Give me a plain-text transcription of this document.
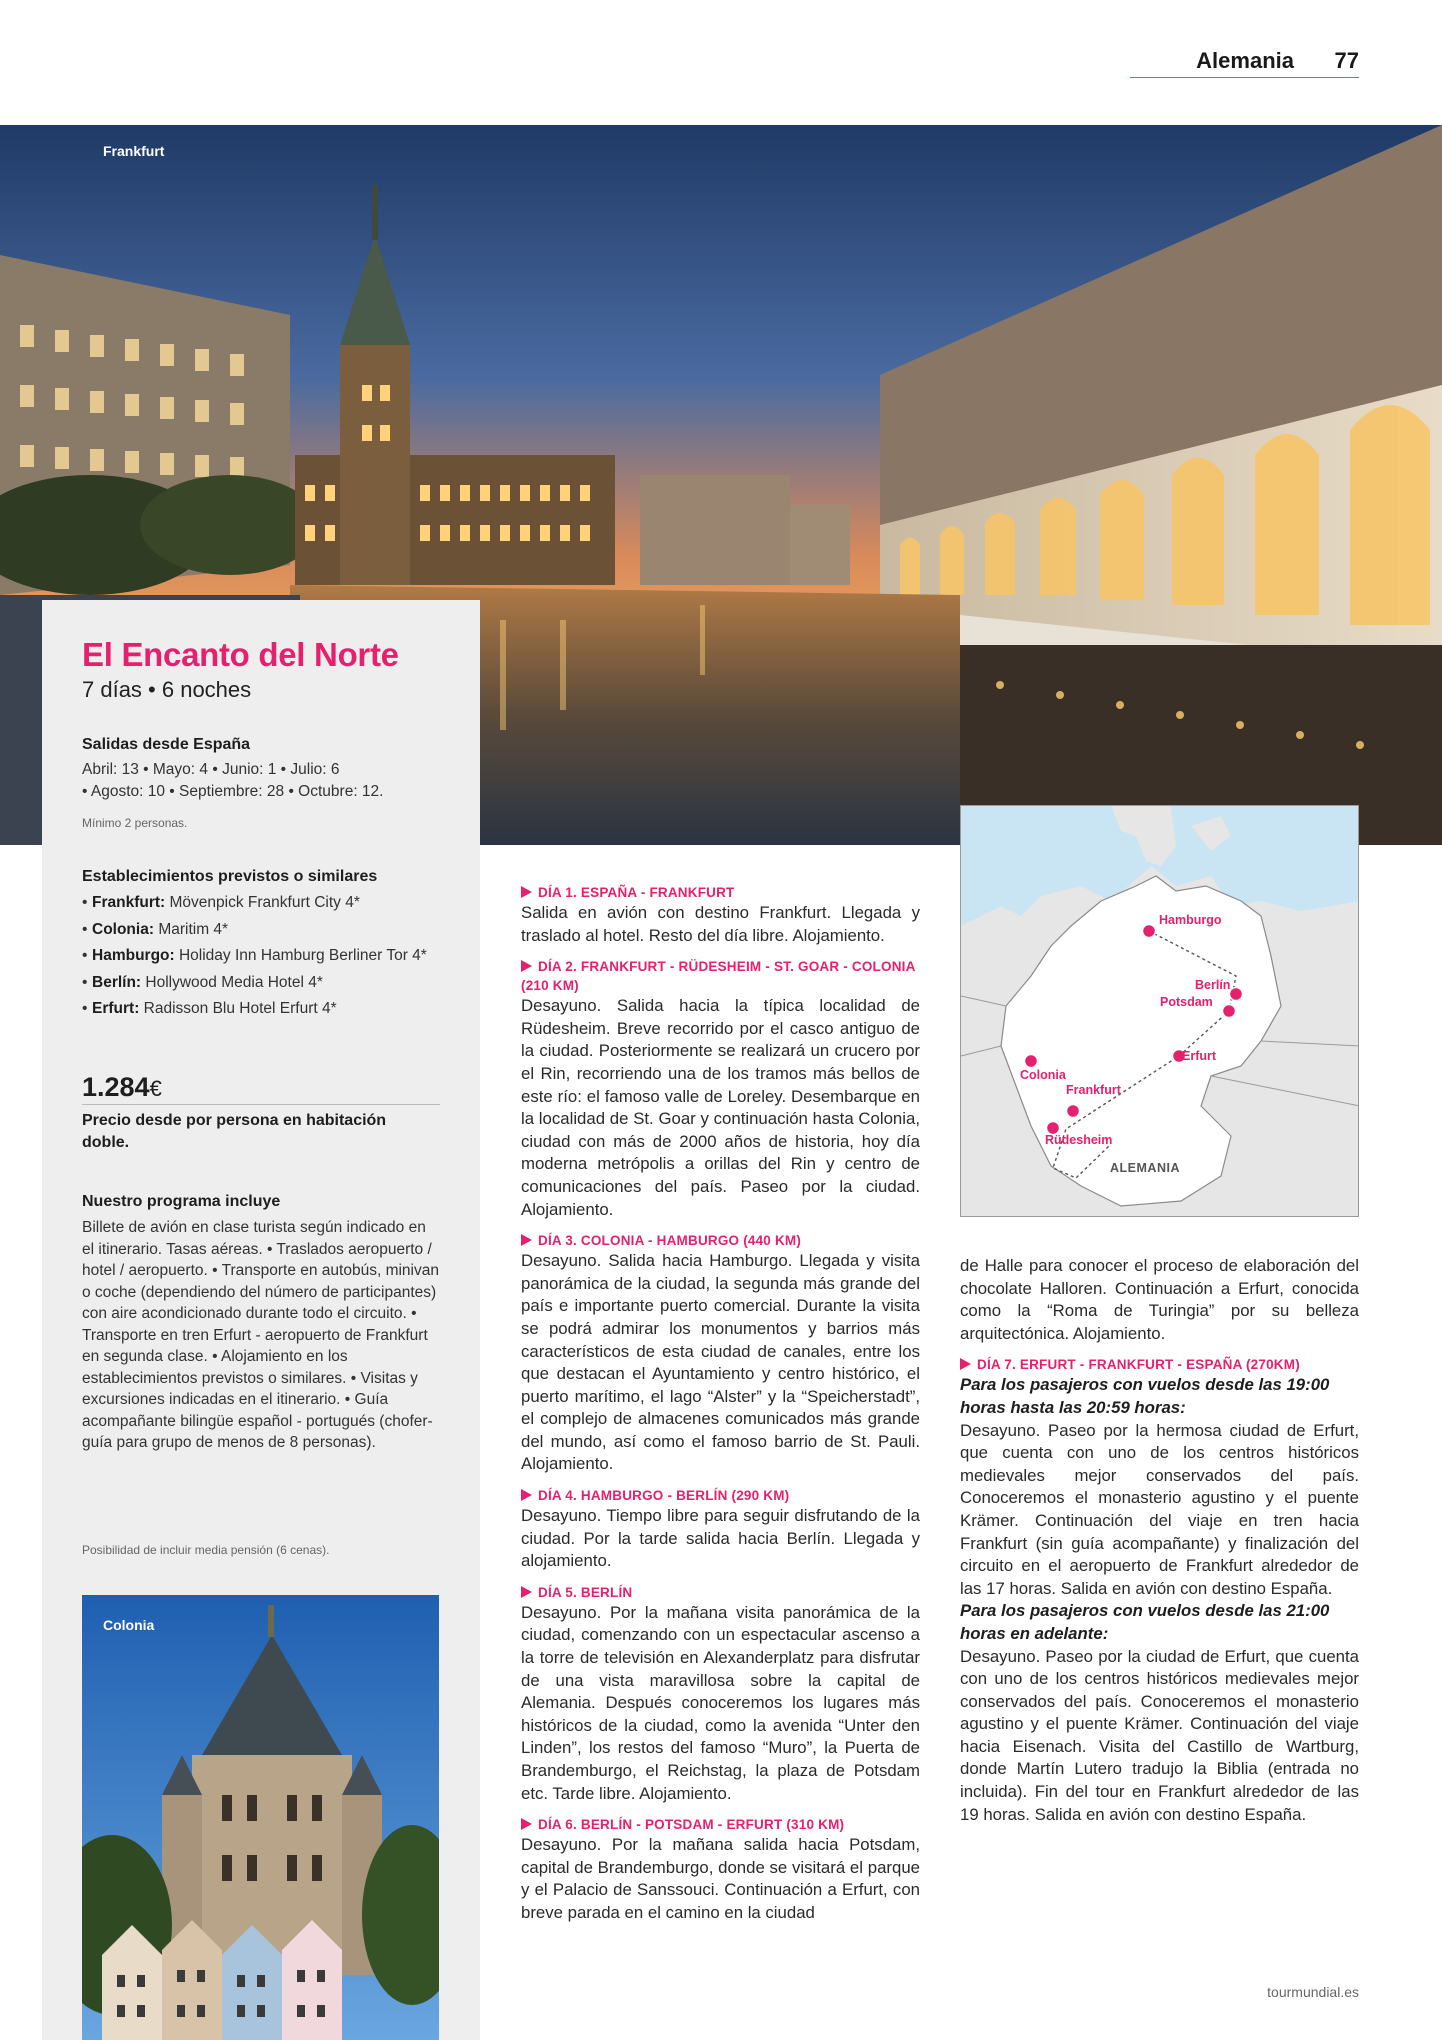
Alemania 77
Frankfurt
El Encanto del Norte
7 días • 6 noches
Salidas desde España
Abril: 13 • Mayo: 4 • Junio: 1 • Julio: 6
• Agosto: 10 • Septiembre: 28 • Octubre: 12.
Mínimo 2 personas.
Establecimientos previstos o similares
• Frankfurt: Mövenpick Frankfurt City 4*
• Colonia: Maritim 4*
• Hamburgo: Holiday Inn Hamburg Berliner Tor 4*
• Berlín: Hollywood Media Hotel 4*
• Erfurt: Radisson Blu Hotel Erfurt 4*
1.284€
Precio desde por persona en habitación doble.
Nuestro programa incluye
Billete de avión en clase turista según indicado en el itinerario. Tasas aéreas. • Traslados aeropuerto / hotel / aeropuerto. • Transporte en autobús, minivan o coche (dependiendo del número de participantes) con aire acondicionado durante todo el circuito. • Transporte en tren Erfurt - aeropuerto de Frankfurt en segunda clase. • Alojamiento en los establecimientos previstos o similares. • Visitas y excursiones indicadas en el itinerario. • Guía acompañante bilingüe español - portugués (chofer-guía para grupo de menos de 8 personas).
Posibilidad de incluir media pensión (6 cenas).
Colonia
Hamburgo
Berlín
Potsdam
Erfurt
Colonia
Frankfurt
Rüdesheim
ALEMANIA
DÍA 1. ESPAÑA - FRANKFURT
Salida en avión con destino Frankfurt. Llegada y traslado al hotel. Resto del día libre. Alojamiento.
DÍA 2. FRANKFURT - RÜDESHEIM - ST. GOAR - COLONIA (210 KM)
Desayuno. Salida hacia la típica localidad de Rüdesheim. Breve recorrido por el casco antiguo de la ciudad. Posteriormente se realizará un crucero por el Rin, recorriendo una de los tramos más bellos de este río: el famoso valle de Loreley. Desembarque en la localidad de St. Goar y continuación hasta Colonia, ciudad con más de 2000 años de historia, hoy día moderna metrópolis a orillas del Rin y centro de comunicaciones del país. Paseo por la ciudad. Alojamiento.
DÍA 3. COLONIA - HAMBURGO (440 KM)
Desayuno. Salida hacia Hamburgo. Llegada y visita panorámica de la ciudad, la segunda más grande del país e importante puerto comercial. Durante la visita se podrá admirar los monumentos y barrios más característicos de esta ciudad de canales, entre los que destacan el Ayuntamiento y centro histórico, el puerto marítimo, el lago “Alster” y la “Speicherstadt”, el complejo de almacenes comunicados más grande del mundo, así como el famoso barrio de St. Pauli. Alojamiento.
DÍA 4. HAMBURGO - BERLÍN (290 KM)
Desayuno. Tiempo libre para seguir disfrutando de la ciudad. Por la tarde salida hacia Berlín. Llegada y alojamiento.
DÍA 5. BERLÍN
Desayuno. Por la mañana visita panorámica de la ciudad, comenzando con un espectacular ascenso a la torre de televisión en Alexanderplatz para disfrutar de una vista maravillosa sobre la capital de Alemania. Después conoceremos los lugares más históricos de la ciudad, como la avenida “Unter den Linden”, los restos del famoso “Muro”, la Puerta de Brandemburgo, el Reichstag, la plaza de Potsdam etc. Tarde libre. Alojamiento.
DÍA 6. BERLÍN - POTSDAM - ERFURT (310 KM)
Desayuno. Por la mañana salida hacia Potsdam, capital de Brandemburgo, donde se visitará el parque y el Palacio de Sanssouci. Continuación a Erfurt, con breve parada en el camino en la ciudad
de Halle para conocer el proceso de elaboración del chocolate Halloren. Continuación a Erfurt, conocida como la “Roma de Turingia” por su belleza arquitectónica. Alojamiento.
DÍA 7. ERFURT - FRANKFURT - ESPAÑA (270KM)
Para los pasajeros con vuelos desde las 19:00 horas hasta las 20:59 horas:
Desayuno. Paseo por la hermosa ciudad de Erfurt, que cuenta con uno de los centros históricos medievales mejor conservados del país. Conoceremos el monasterio agustino y el puente Krämer. Continuación del viaje en tren hacia Frankfurt (sin guía acompañante) y finalización del circuito en el aeropuerto de Frankfurt alrededor de las 17 horas. Salida en avión con destino España.
Para los pasajeros con vuelos desde las 21:00 horas en adelante:
Desayuno. Paseo por la ciudad de Erfurt, que cuenta con uno de los centros históricos medievales mejor conservados del país. Conoceremos el monasterio agustino y el puente Krämer. Continuación del viaje hacia Eisenach. Visita del Castillo de Wartburg, donde Martín Lutero tradujo la Biblia (entrada no incluida). Fin del tour en Frankfurt alrededor de las 19 horas. Salida en avión con destino España.
tourmundial.es
